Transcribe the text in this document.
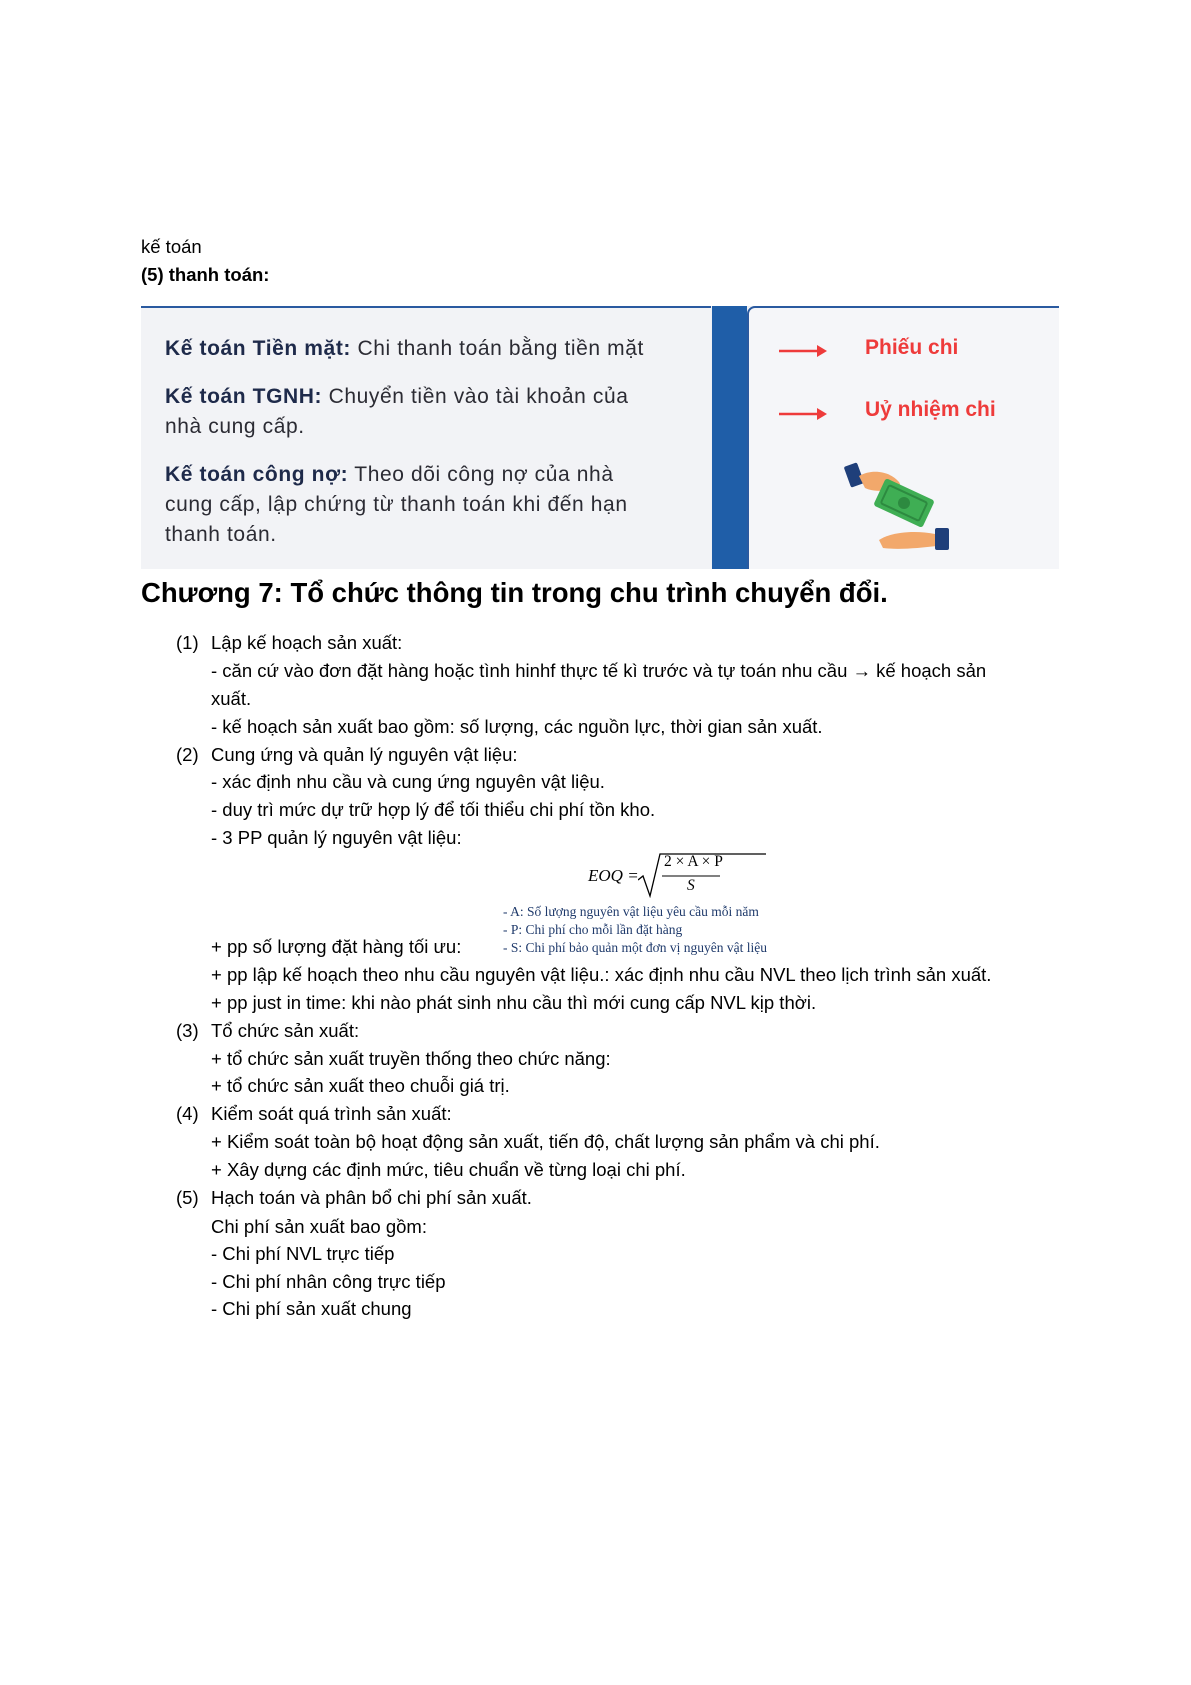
kế toán
(5) thanh toán:
Kế toán Tiền mặt: Chi thanh toán bằng tiền mặt
Kế toán TGNH: Chuyển tiền vào tài khoản của
nhà cung cấp.
Kế toán công nợ: Theo dõi công nợ của nhà
cung cấp, lập chứng từ thanh toán khi đến hạn
thanh toán.
Phiếu chi
Uỷ nhiệm chi
Chương 7: Tổ chức thông tin trong chu trình chuyển đổi.
(1) Lập kế hoạch sản xuất:
- căn cứ vào đơn đặt hàng hoặc tình hinhf thực tế kì trước và tự toán nhu cầu → kế hoạch sản
xuất.
- kế hoạch sản xuất bao gồm: số lượng, các nguồn lực, thời gian sản xuất.
(2) Cung ứng và quản lý nguyên vật liệu:
- xác định nhu cầu và cung ứng nguyên vật liệu.
- duy trì mức dự trữ hợp lý để tối thiểu chi phí tồn kho.
- 3 PP quản lý nguyên vật liệu:
EOQ =
2 × A × P
S
- A: Số lượng nguyên vật liệu yêu cầu mỗi năm
- P: Chi phí cho mỗi lần đặt hàng
- S: Chi phí bảo quản một đơn vị nguyên vật liệu
+ pp số lượng đặt hàng tối ưu:
+ pp lập kế hoạch theo nhu cầu nguyên vật liệu.: xác định nhu cầu NVL theo lịch trình sản xuất.
+ pp just in time: khi nào phát sinh nhu cầu thì mới cung cấp NVL kịp thời.
(3) Tổ chức sản xuất:
+ tổ chức sản xuất truyền thống theo chức năng:
+ tổ chức sản xuất theo chuỗi giá trị.
(4) Kiểm soát quá trình sản xuất:
+ Kiểm soát toàn bộ hoạt động sản xuất, tiến độ, chất lượng sản phẩm và chi phí.
+ Xây dựng các định mức, tiêu chuẩn về từng loại chi phí.
(5) Hạch toán và phân bổ chi phí sản xuất.
Chi phí sản xuất bao gồm:
- Chi phí NVL trực tiếp
- Chi phí nhân công trực tiếp
- Chi phí sản xuất chung
